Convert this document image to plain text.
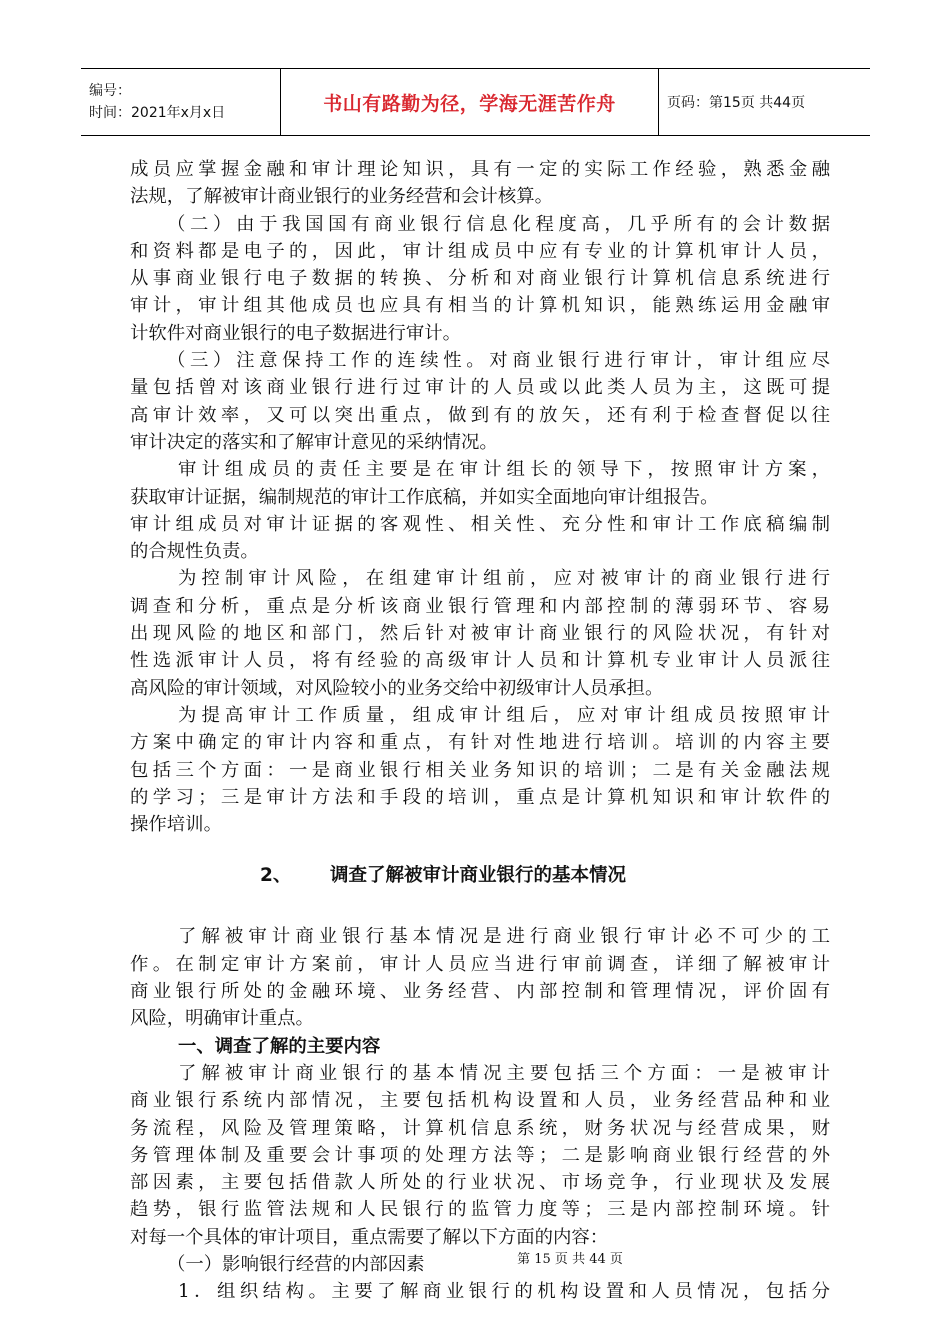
编号：
时间：2021年x月x日	书山有路勤为径，学海无涯苦作舟	页码：第15页 共44页
成员应掌握金融和审计理论知识，具有一定的实际工作经验，熟悉金融
法规，了解被审计商业银行的业务经营和会计核算。
（二）由于我国国有商业银行信息化程度高，几乎所有的会计数据
和资料都是电子的，因此，审计组成员中应有专业的计算机审计人员，
从事商业银行电子数据的转换、分析和对商业银行计算机信息系统进行
审计，审计组其他成员也应具有相当的计算机知识，能熟练运用金融审
计软件对商业银行的电子数据进行审计。
（三）注意保持工作的连续性。对商业银行进行审计，审计组应尽
量包括曾对该商业银行进行过审计的人员或以此类人员为主，这既可提
高审计效率，又可以突出重点，做到有的放矢，还有利于检查督促以往
审计决定的落实和了解审计意见的采纳情况。
审计组成员的责任主要是在审计组长的领导下，按照审计方案，
获取审计证据，编制规范的审计工作底稿，并如实全面地向审计组报告。
审计组成员对审计证据的客观性、相关性、充分性和审计工作底稿编制
的合规性负责。
为控制审计风险，在组建审计组前，应对被审计的商业银行进行
调查和分析，重点是分析该商业银行管理和内部控制的薄弱环节、容易
出现风险的地区和部门，然后针对被审计商业银行的风险状况，有针对
性选派审计人员，将有经验的高级审计人员和计算机专业审计人员派往
高风险的审计领域，对风险较小的业务交给中初级审计人员承担。
为提高审计工作质量，组成审计组后，应对审计组成员按照审计
方案中确定的审计内容和重点，有针对性地进行培训。培训的内容主要
包括三个方面：一是商业银行相关业务知识的培训；二是有关金融法规
的学习；三是审计方法和手段的培训，重点是计算机知识和审计软件的
操作培训。
2、 调查了解被审计商业银行的基本情况
了解被审计商业银行基本情况是进行商业银行审计必不可少的工
作。在制定审计方案前，审计人员应当进行审前调查，详细了解被审计
商业银行所处的金融环境、业务经营、内部控制和管理情况，评价固有
风险，明确审计重点。
一、调查了解的主要内容
了解被审计商业银行的基本情况主要包括三个方面：一是被审计
商业银行系统内部情况，主要包括机构设置和人员，业务经营品种和业
务流程，风险及管理策略，计算机信息系统，财务状况与经营成果，财
务管理体制及重要会计事项的处理方法等；二是影响商业银行经营的外
部因素，主要包括借款人所处的行业状况、市场竞争，行业现状及发展
趋势，银行监管法规和人民银行的监管力度等；三是内部控制环境。针
对每一个具体的审计项目，重点需要了解以下方面的内容：
（一）影响银行经营的内部因素
1．组织结构。主要了解商业银行的机构设置和人员情况，包括分
第 15 页 共 44 页
